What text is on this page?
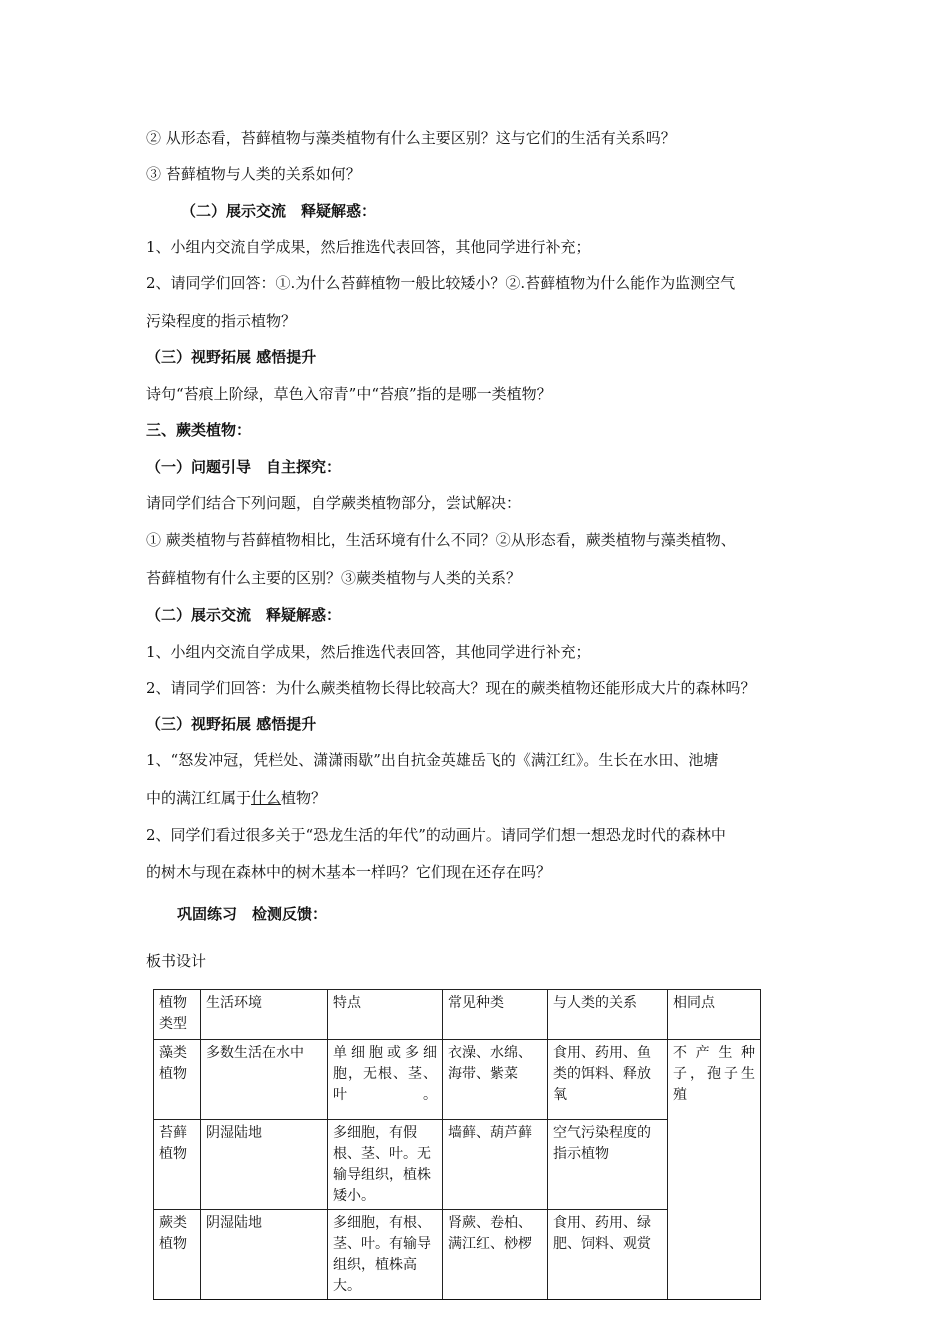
② 从形态看，苔藓植物与藻类植物有什么主要区别？这与它们的生活有关系吗？
③ 苔藓植物与人类的关系如何？
（二）展示交流　释疑解惑：
1、小组内交流自学成果，然后推选代表回答，其他同学进行补充；
2、请同学们回答：①.为什么苔藓植物一般比较矮小？②.苔藓植物为什么能作为监测空气
污染程度的指示植物？
（三）视野拓展 感悟提升
诗句“苔痕上阶绿，草色入帘青”中“苔痕”指的是哪一类植物？
三、蕨类植物：
（一）问题引导　自主探究：
请同学们结合下列问题，自学蕨类植物部分，尝试解决：
① 蕨类植物与苔藓植物相比，生活环境有什么不同？②从形态看，蕨类植物与藻类植物、
苔藓植物有什么主要的区别？③蕨类植物与人类的关系？
（二）展示交流　释疑解惑：
1、小组内交流自学成果，然后推选代表回答，其他同学进行补充；
2、请同学们回答：为什么蕨类植物长得比较高大？现在的蕨类植物还能形成大片的森林吗？
（三）视野拓展 感悟提升
1、“怒发冲冠，凭栏处、潇潇雨歇”出自抗金英雄岳飞的《满江红》。生长在水田、池塘
中的满江红属于什么植物？
2、同学们看过很多关于“恐龙生活的年代”的动画片。请同学们想一想恐龙时代的森林中
的树木与现在森林中的树木基本一样吗？它们现在还存在吗？
巩固练习　检测反馈：
板书设计
植物类型	生活环境	特点	常见种类	与人类的关系	相同点
藻类植物	多数生活在水中	单细胞或多细胞，无根、茎、叶。	衣澡、水绵、海带、紫菜	食用、药用、鱼类的饵料、释放氧	不产生种子，孢子生殖
苔藓植物	阴湿陆地	多细胞，有假根、茎、叶。无输导组织，植株矮小。	墙藓、葫芦藓	空气污染程度的指示植物	
蕨类植物	阴湿陆地	多细胞，有根、茎、叶。有输导组织，植株高大。	肾蕨、卷柏、满江红、桫椤	食用、药用、绿肥、饲料、观赏	
